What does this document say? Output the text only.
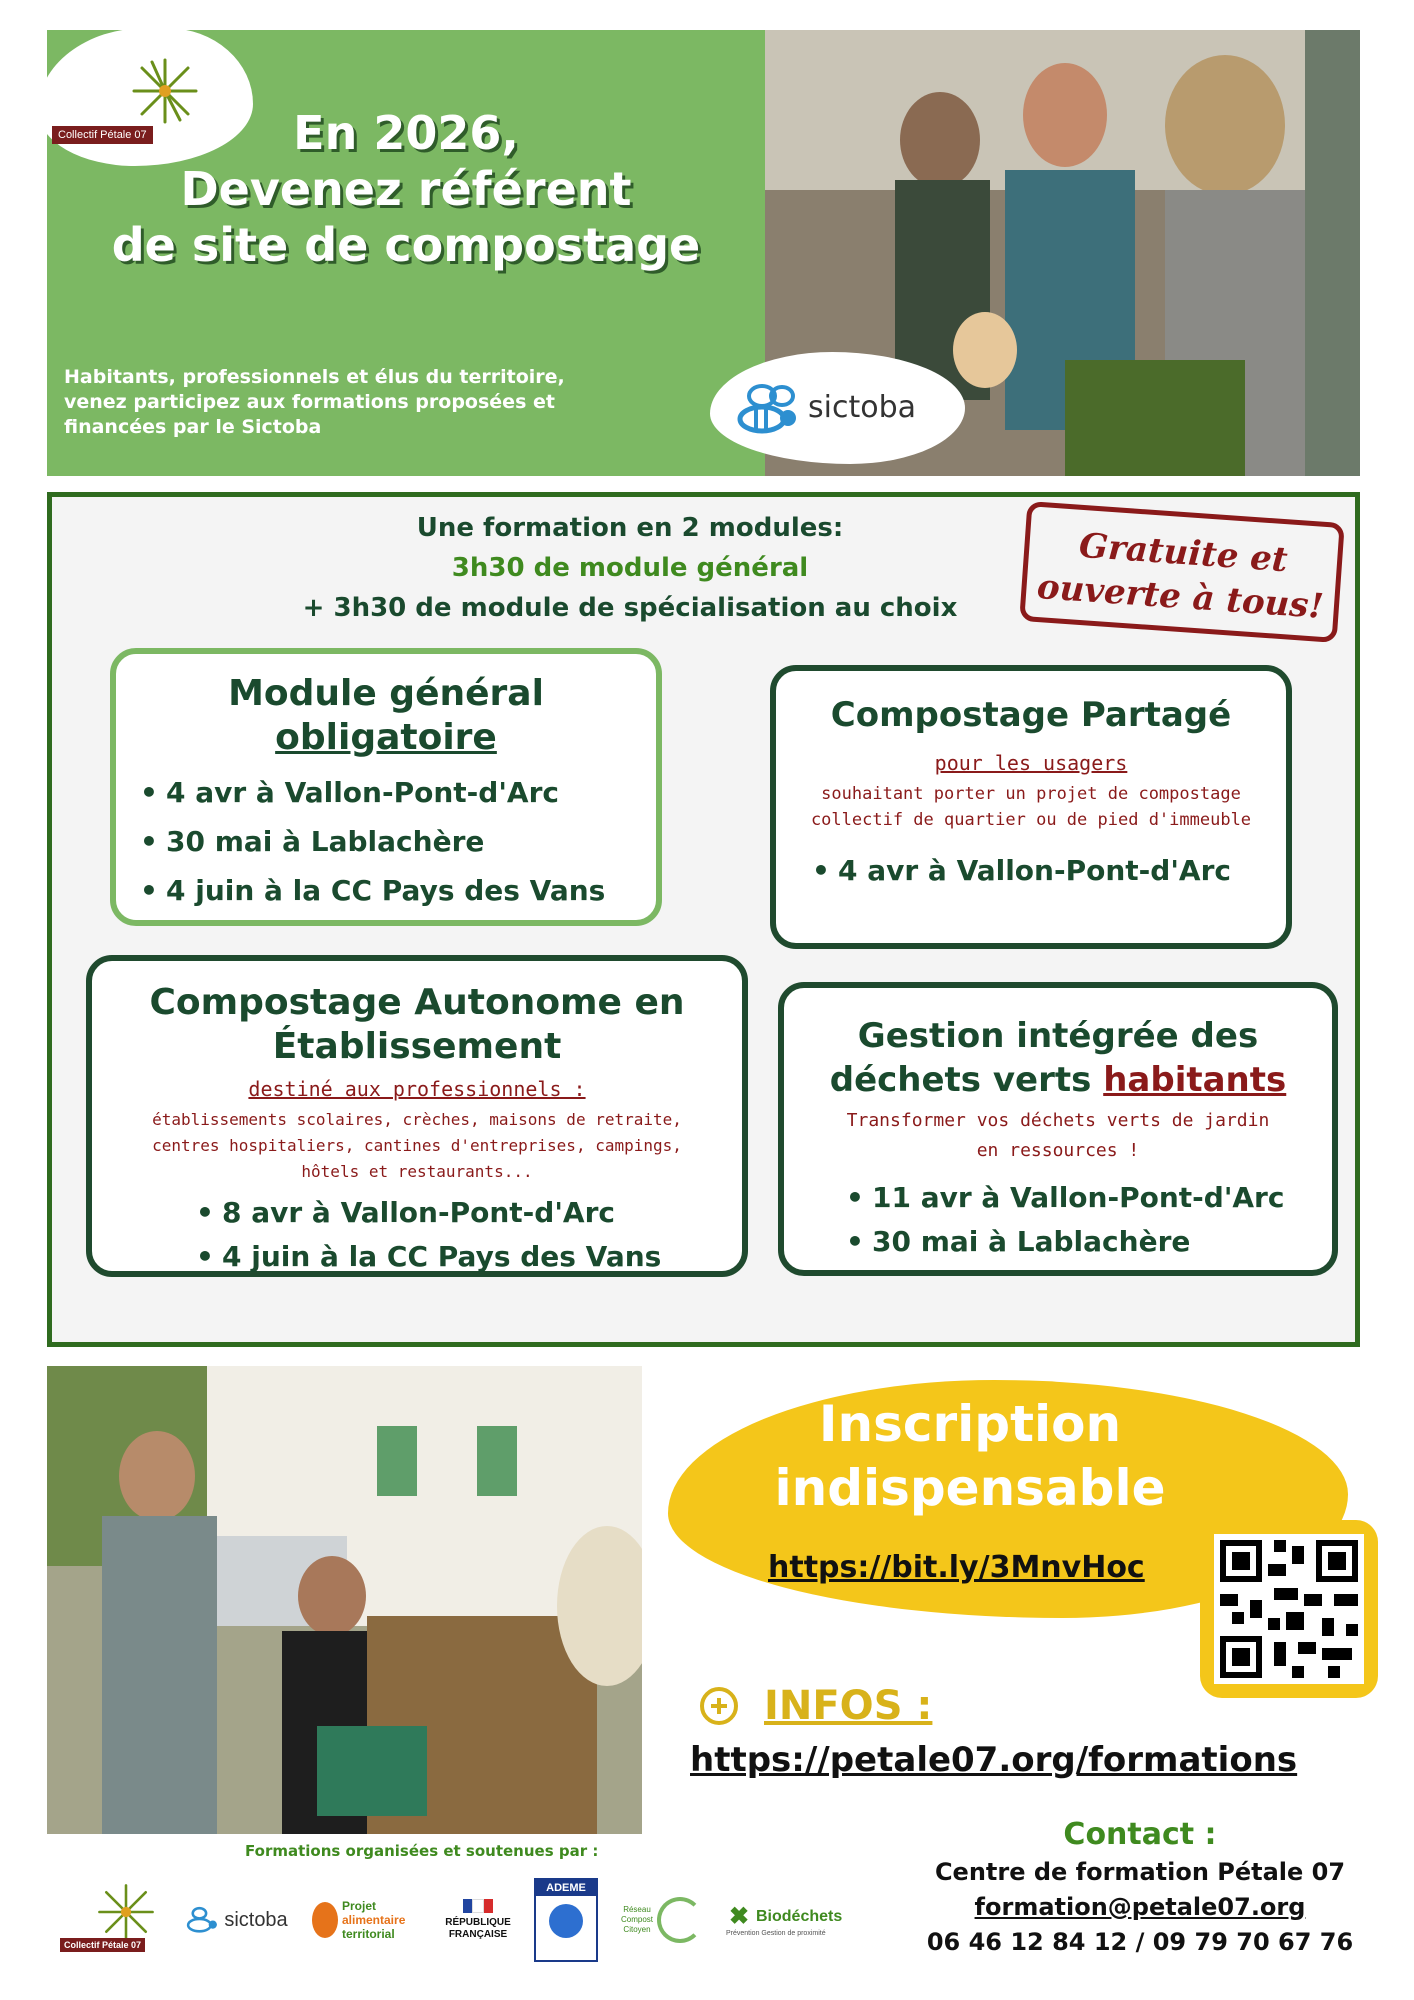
Collectif Pétale 07	En 2026,
Devenez référent
de site de compostage
Habitants, professionnels et élus du territoire,
venez participez aux formations proposées et
financées par le Sictoba
sictoba
Une formation en 2 modules:
3h30 de module général
+ 3h30 de module de spécialisation au choix
Gratuite et
ouverte à tous!
Module général
obligatoire
• 4 avr à Vallon-Pont-d'Arc
• 30 mai à Lablachère
• 4 juin à la CC Pays des Vans
Compostage Partagé
pour les usagers
souhaitant porter un projet de compostage
collectif de quartier ou de pied d'immeuble
• 4 avr à Vallon-Pont-d'Arc
Compostage Autonome en
Établissement
destiné aux professionnels :
établissements scolaires, crèches, maisons de retraite,
centres hospitaliers, cantines d'entreprises, campings,
hôtels et restaurants...
• 8 avr à Vallon-Pont-d'Arc
• 4 juin à la CC Pays des Vans
Gestion intégrée des
déchets verts habitants
Transformer vos déchets verts de jardin
en ressources !
• 11 avr à Vallon-Pont-d'Arc
• 30 mai à Lablachère
Inscription
indispensable
https://bit.ly/3MnvHoc
INFOS :
https://petale07.org/formations
Contact :
Centre de formation Pétale 07
formation@petale07.org
06 46 12 84 12 / 09 79 70 67 76
Formations organisées et soutenues par :
Collectif Pétale 07
sictoba
Projet
alimentaire
territorial
RÉPUBLIQUE
FRANÇAISE
ADEME
Réseau
Compost
Citoyen	✖ Biodéchets
Prévention Gestion de proximité
